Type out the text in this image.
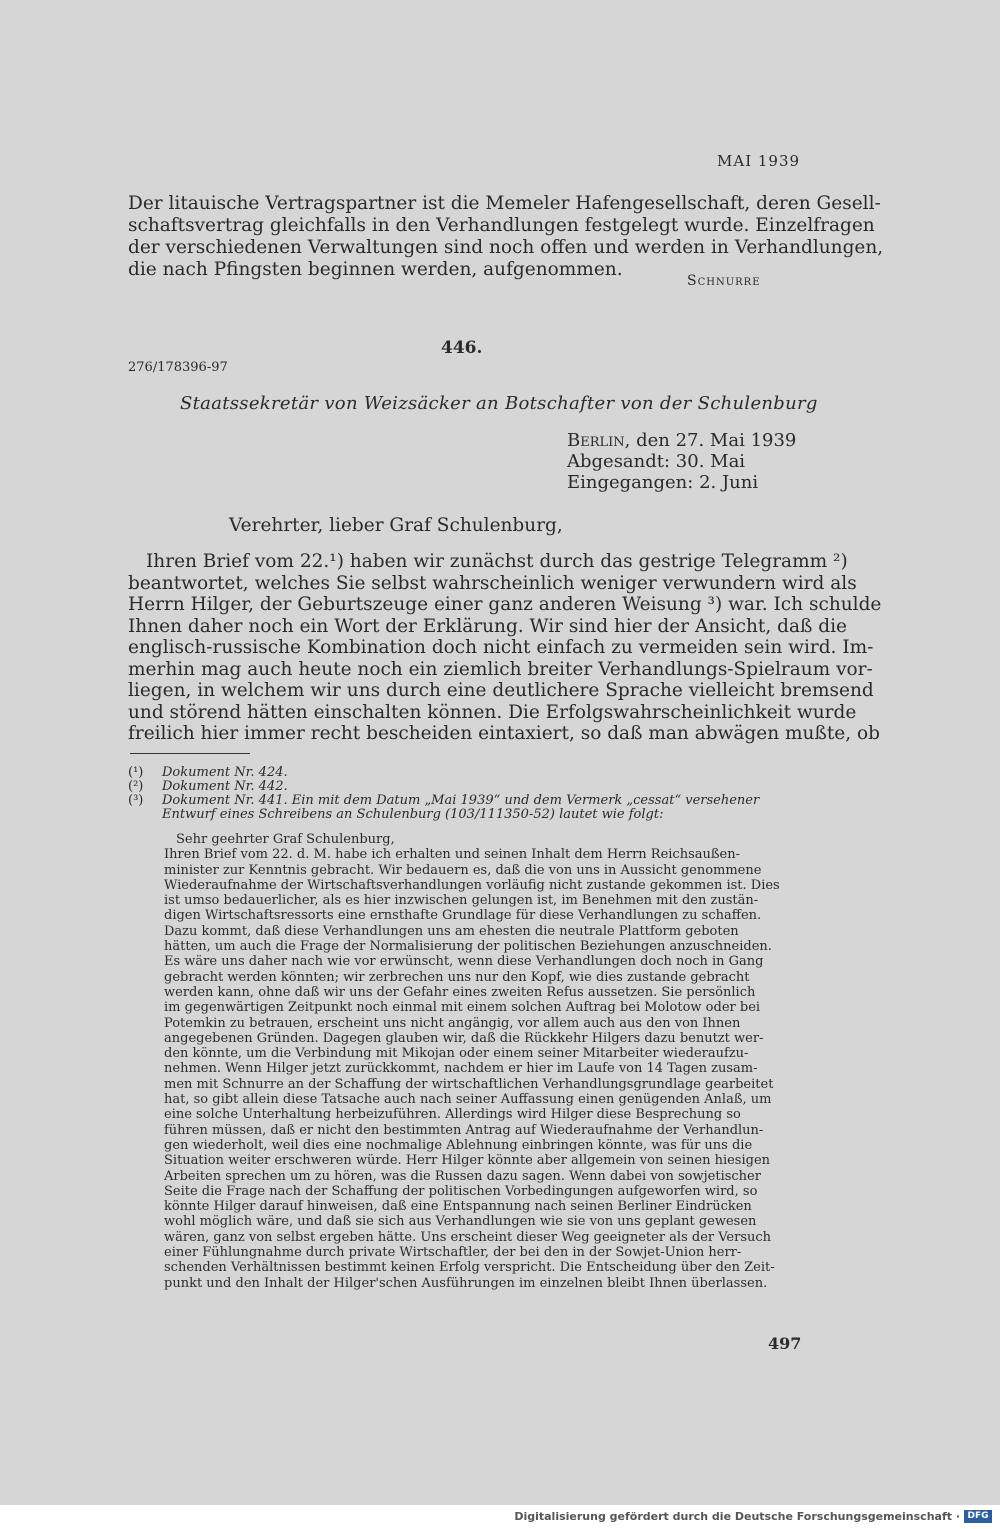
MAI 1939
Der litauische Vertragspartner ist die Memeler Hafengesellschaft, deren Gesell-
schaftsvertrag gleichfalls in den Verhandlungen festgelegt wurde. Einzelfragen
der verschiedenen Verwaltungen sind noch offen und werden in Verhandlungen,
die nach Pfingsten beginnen werden, aufgenommen.
Schnurre
446.
276/178396-97
Staatssekretär von Weizsäcker an Botschafter von der Schulenburg
Berlin, den 27. Mai 1939
Abgesandt: 30. Mai
Eingegangen: 2. Juni
Verehrter, lieber Graf Schulenburg,
Ihren Brief vom 22.¹) haben wir zunächst durch das gestrige Telegramm ²)
beantwortet, welches Sie selbst wahrscheinlich weniger verwundern wird als
Herrn Hilger, der Geburtszeuge einer ganz anderen Weisung ³) war. Ich schulde
Ihnen daher noch ein Wort der Erklärung. Wir sind hier der Ansicht, daß die
englisch-russische Kombination doch nicht einfach zu vermeiden sein wird. Im-
merhin mag auch heute noch ein ziemlich breiter Verhandlungs-Spielraum vor-
liegen, in welchem wir uns durch eine deutlichere Sprache vielleicht bremsend
und störend hätten einschalten können. Die Erfolgswahrscheinlichkeit wurde
freilich hier immer recht bescheiden eintaxiert, so daß man abwägen mußte, ob
(¹) Dokument Nr. 424.
(²) Dokument Nr. 442.
(³) Dokument Nr. 441. Ein mit dem Datum „Mai 1939“ und dem Vermerk „cessat“ versehener
Entwurf eines Schreibens an Schulenburg (103/111350-52) lautet wie folgt:
Sehr geehrter Graf Schulenburg,
Ihren Brief vom 22. d. M. habe ich erhalten und seinen Inhalt dem Herrn Reichsaußen-
minister zur Kenntnis gebracht. Wir bedauern es, daß die von uns in Aussicht genommene
Wiederaufnahme der Wirtschaftsverhandlungen vorläufig nicht zustande gekommen ist. Dies
ist umso bedauerlicher, als es hier inzwischen gelungen ist, im Benehmen mit den zustän-
digen Wirtschaftsressorts eine ernsthafte Grundlage für diese Verhandlungen zu schaffen.
Dazu kommt, daß diese Verhandlungen uns am ehesten die neutrale Plattform geboten
hätten, um auch die Frage der Normalisierung der politischen Beziehungen anzuschneiden.
Es wäre uns daher nach wie vor erwünscht, wenn diese Verhandlungen doch noch in Gang
gebracht werden könnten; wir zerbrechen uns nur den Kopf, wie dies zustande gebracht
werden kann, ohne daß wir uns der Gefahr eines zweiten Refus aussetzen. Sie persönlich
im gegenwärtigen Zeitpunkt noch einmal mit einem solchen Auftrag bei Molotow oder bei
Potemkin zu betrauen, erscheint uns nicht angängig, vor allem auch aus den von Ihnen
angegebenen Gründen. Dagegen glauben wir, daß die Rückkehr Hilgers dazu benutzt wer-
den könnte, um die Verbindung mit Mikojan oder einem seiner Mitarbeiter wiederaufzu-
nehmen. Wenn Hilger jetzt zurückkommt, nachdem er hier im Laufe von 14 Tagen zusam-
men mit Schnurre an der Schaffung der wirtschaftlichen Verhandlungsgrundlage gearbeitet
hat, so gibt allein diese Tatsache auch nach seiner Auffassung einen genügenden Anlaß, um
eine solche Unterhaltung herbeizuführen. Allerdings wird Hilger diese Besprechung so
führen müssen, daß er nicht den bestimmten Antrag auf Wiederaufnahme der Verhandlun-
gen wiederholt, weil dies eine nochmalige Ablehnung einbringen könnte, was für uns die
Situation weiter erschweren würde. Herr Hilger könnte aber allgemein von seinen hiesigen
Arbeiten sprechen um zu hören, was die Russen dazu sagen. Wenn dabei von sowjetischer
Seite die Frage nach der Schaffung der politischen Vorbedingungen aufgeworfen wird, so
könnte Hilger darauf hinweisen, daß eine Entspannung nach seinen Berliner Eindrücken
wohl möglich wäre, und daß sie sich aus Verhandlungen wie sie von uns geplant gewesen
wären, ganz von selbst ergeben hätte. Uns erscheint dieser Weg geeigneter als der Versuch
einer Fühlungnahme durch private Wirtschaftler, der bei den in der Sowjet-Union herr-
schenden Verhältnissen bestimmt keinen Erfolg verspricht. Die Entscheidung über den Zeit-
punkt und den Inhalt der Hilger'schen Ausführungen im einzelnen bleibt Ihnen überlassen.
497
Digitalisierung gefördert durch die Deutsche Forschungsgemeinschaft · DFG
